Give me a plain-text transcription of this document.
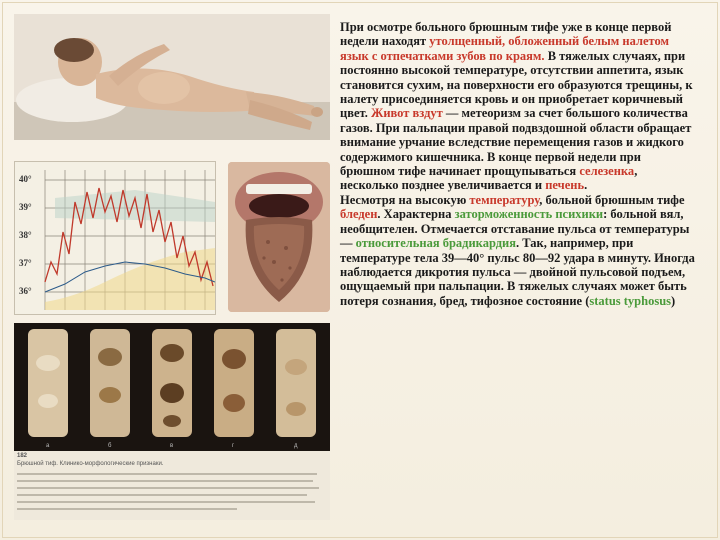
40°
39°
38°
37°
36°
а	б	в	г	д
182
Брюшной тиф. Клинико-морфологические признаки.
При осмотре больного брюшным тифе уже в конце первой недели находят утолщенный, обложенный белым налетом язык с отпечатками зубов по краям. В тяжелых случаях, при постоянно высокой температуре, отсутствии аппетита, язык становится сухим, на поверхности его образуются трещины, к налету присоединяется кровь и он приобретает коричневый цвет. Живот вздут — метеоризм за счет большого количества газов. При пальпации правой подвздошной области обращает внимание урчание вследствие перемещения газов и жидкого содержимого кишечника. В конце первой недели при брюшном тифе начинает прощупываться селезенка, несколько позднее увеличивается и печень.
Несмотря на высокую температуру, больной брюшным тифе бледен. Характерна заторможенность психики: больной вял, необщителен. Отмечается отставание пульса от температуры— относительная брадикардия. Так, например, при температуре тела 39—40° пульс 80—92 удара в минуту. Иногда наблюдается дикротия пульса — двойной пульсовой подъем, ощущаемый при пальпации. В тяжелых случаях может быть потеря сознания, бред, тифозное состояние (status typhosus)
